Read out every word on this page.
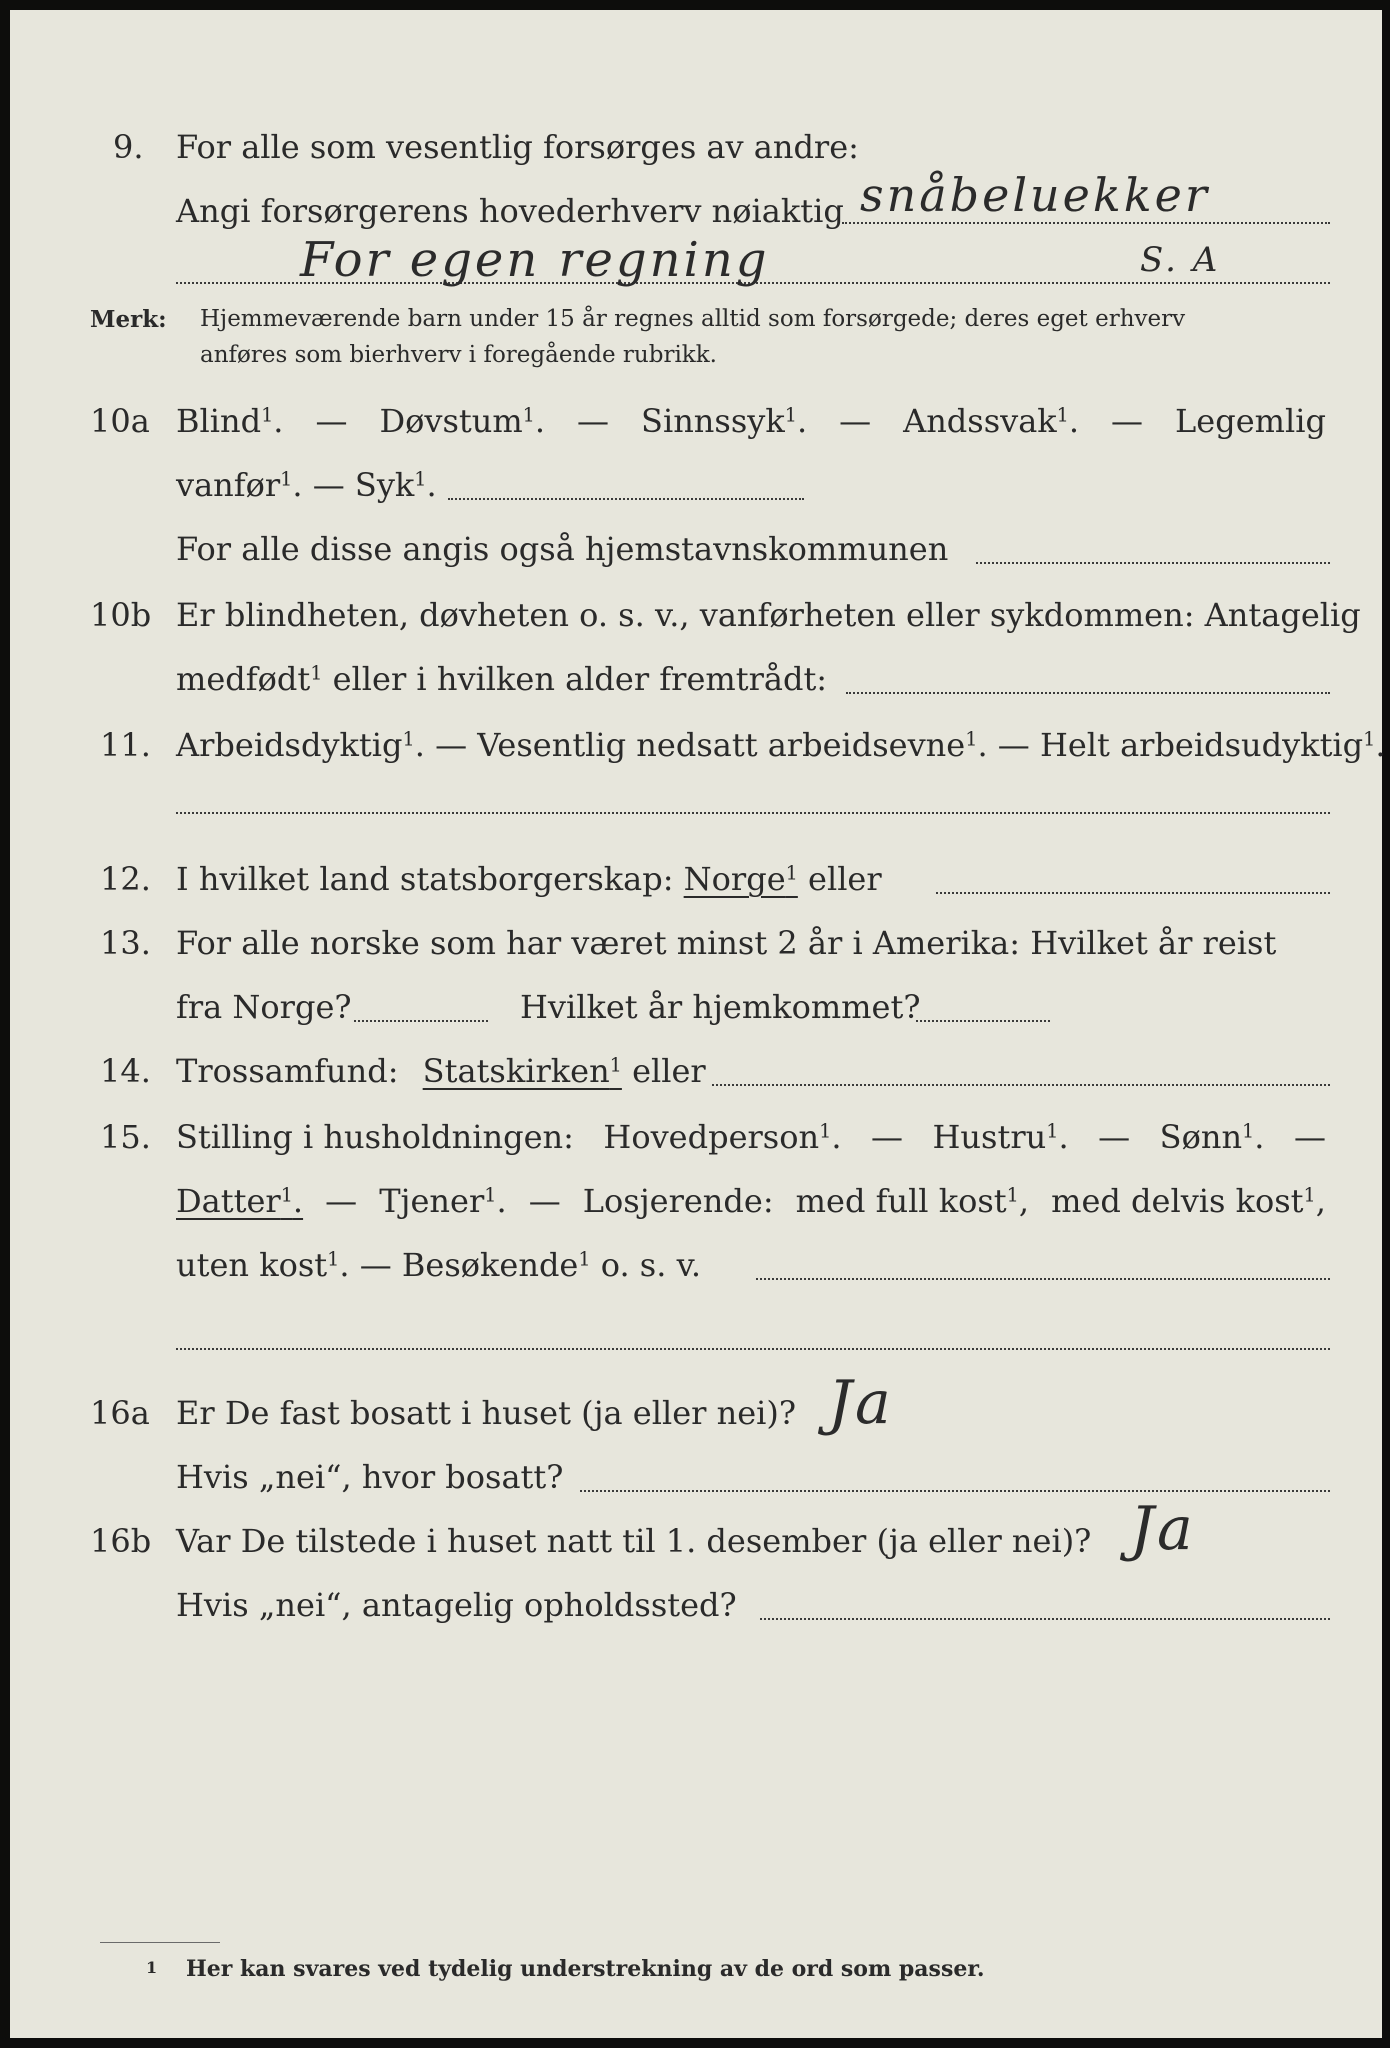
9. For alle som vesentlig forsørges av andre:
Angi forsørgerens hovederhverv nøiaktig snåbeluekker
For egen regning	S. A
Merk: Hjemmeværende barn under 15 år regnes alltid som forsørgede; deres eget erhverv
anføres som bierhverv i foregående rubrikk.
10a Blind$^1$. — Døvstum$^1$. — Sinnssyk$^1$. — Andssvak$^1$. — Legemlig
vanfør$^1$. — Syk$^1$.
For alle disse angis også hjemstavnskommunen
10b Er blindheten, døvheten o. s. v., vanførheten eller sykdommen: Antagelig
medfødt$^1$ eller i hvilken alder fremtrådt:
11. Arbeidsdyktig$^1$. — Vesentlig nedsatt arbeidsevne$^1$. — Helt arbeidsudyktig$^1$.
12. I hvilket land statsborgerskap: Norge$^1$ eller
13. For alle norske som har været minst 2 år i Amerika: Hvilket år reist
fra Norge?	Hvilket år hjemkommet?
14. Trossamfund: Statskirken$^1$ eller
15. Stilling i husholdningen: Hovedperson$^1$. — Hustru$^1$. — Sønn$^1$. —
Datter$^1$. — Tjener$^1$. — Losjerende: med full kost$^1$, med delvis kost$^1$,
uten kost$^1$. — Besøkende$^1$ o. s. v.
16a Er De fast bosatt i huset (ja eller nei)? Ja
Hvis „nei“, hvor bosatt?
16b Var De tilstede i huset natt til 1. desember (ja eller nei)? Ja
Hvis „nei“, antagelig opholdssted?
1 Her kan svares ved tydelig understrekning av de ord som passer.
